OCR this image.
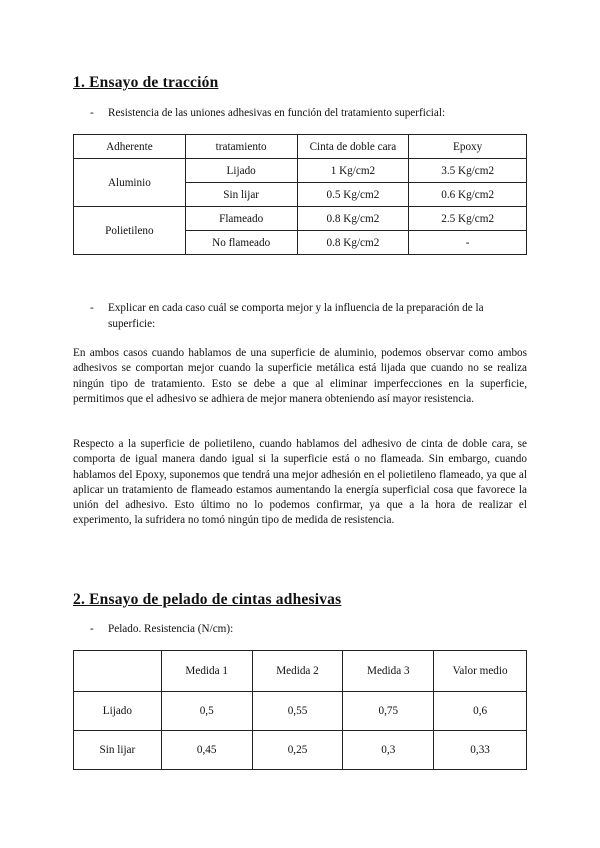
1. Ensayo de tracción
-	Resistencia de las uniones adhesivas en función del tratamiento superficial:
Adherente	tratamiento	Cinta de doble cara	Epoxy
Aluminio	Lijado	1 Kg/cm2	3.5 Kg/cm2
	Sin lijar	0.5 Kg/cm2	0.6 Kg/cm2
Polietileno	Flameado	0.8 Kg/cm2	2.5 Kg/cm2
	No flameado	0.8 Kg/cm2	-
-	Explicar en cada caso cuál se comporta mejor y la influencia de la preparación de la superficie:

En ambos casos cuando hablamos de una superficie de aluminio, podemos observar como ambos adhesivos se comportan mejor cuando la superficie metálica está lijada que cuando no se realiza ningún tipo de tratamiento. Esto se debe a que al eliminar imperfecciones en la superficie, permitimos que el adhesivo se adhiera de mejor manera obteniendo así mayor resistencia.

Respecto a la superficie de polietileno, cuando hablamos del adhesivo de cinta de doble cara, se comporta de igual manera dando igual si la superficie está o no flameada. Sin embargo, cuando hablamos del Epoxy, suponemos que tendrá una mejor adhesión en el polietileno flameado, ya que al aplicar un tratamiento de flameado estamos aumentando la energía superficial cosa que favorece la unión del adhesivo. Esto último no lo podemos confirmar, ya que a la hora de realizar el experimento, la sufridera no tomó ningún tipo de medida de resistencia.

2. Ensayo de pelado de cintas adhesivas
-	Pelado. Resistencia (N/cm):
	Medida 1	Medida 2	Medida 3	Valor medio
Lijado	0,5	0,55	0,75	0,6
Sin lijar	0,45	0,25	0,3	0,33
